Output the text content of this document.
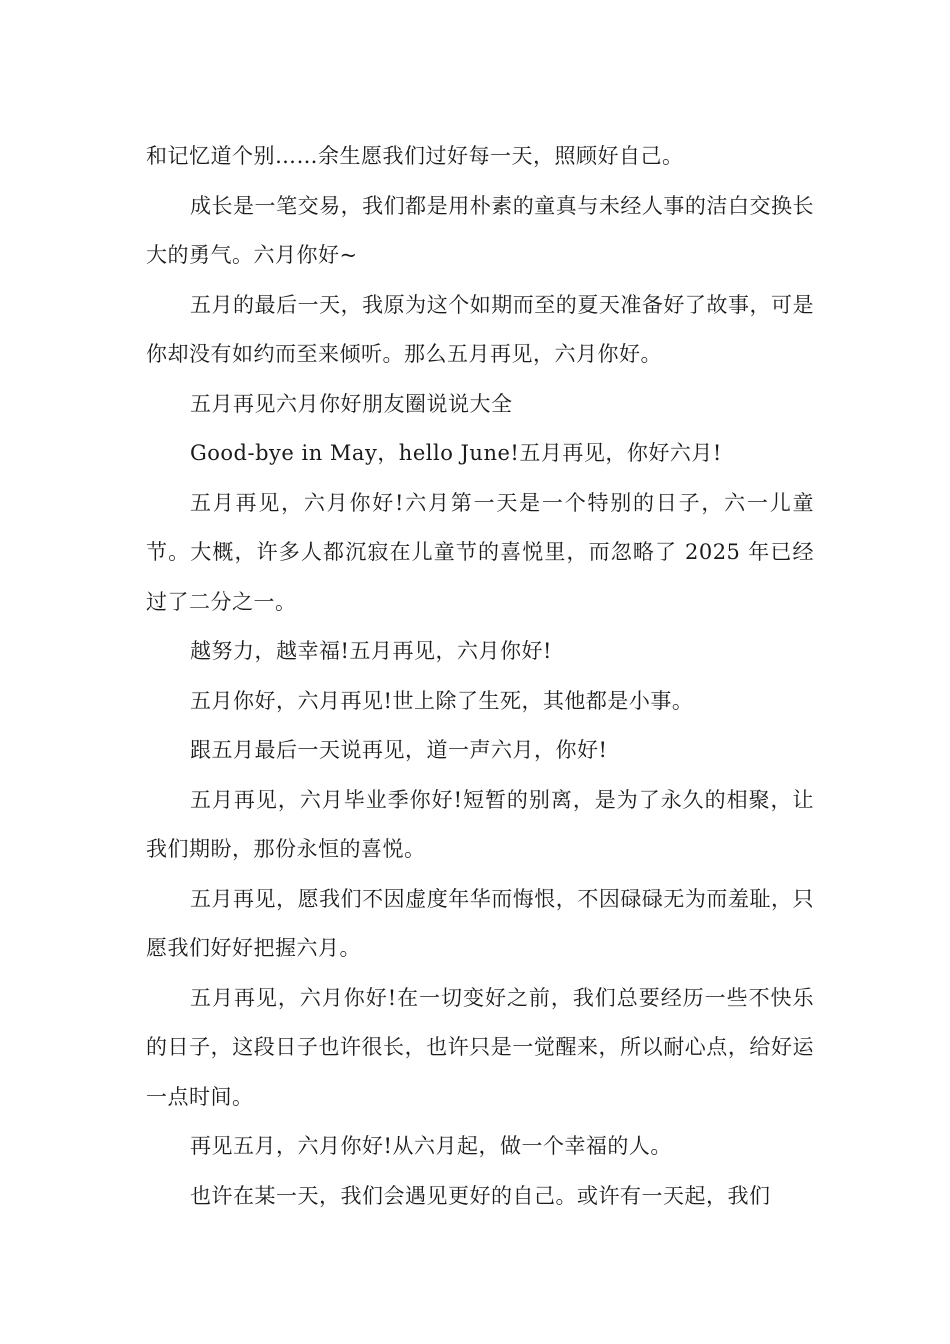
和记忆道个别……余生愿我们过好每一天，照顾好自己。

成长是一笔交易，我们都是用朴素的童真与未经人事的洁白交换长大的勇气。六月你好~

五月的最后一天，我原为这个如期而至的夏天准备好了故事，可是你却没有如约而至来倾听。那么五月再见，六月你好。

五月再见六月你好朋友圈说说大全

Good-bye in May，hello June!五月再见，你好六月!

五月再见，六月你好!六月第一天是一个特别的日子，六一儿童节。大概，许多人都沉寂在儿童节的喜悦里，而忽略了 2025 年已经过了二分之一。

越努力，越幸福!五月再见，六月你好!

五月你好，六月再见!世上除了生死，其他都是小事。

跟五月最后一天说再见，道一声六月，你好!

五月再见，六月毕业季你好!短暂的别离，是为了永久的相聚，让我们期盼，那份永恒的喜悦。

五月再见，愿我们不因虚度年华而悔恨，不因碌碌无为而羞耻，只愿我们好好把握六月。

五月再见，六月你好!在一切变好之前，我们总要经历一些不快乐的日子，这段日子也许很长，也许只是一觉醒来，所以耐心点，给好运一点时间。

再见五月，六月你好!从六月起，做一个幸福的人。

也许在某一天，我们会遇见更好的自己。或许有一天起，我们
